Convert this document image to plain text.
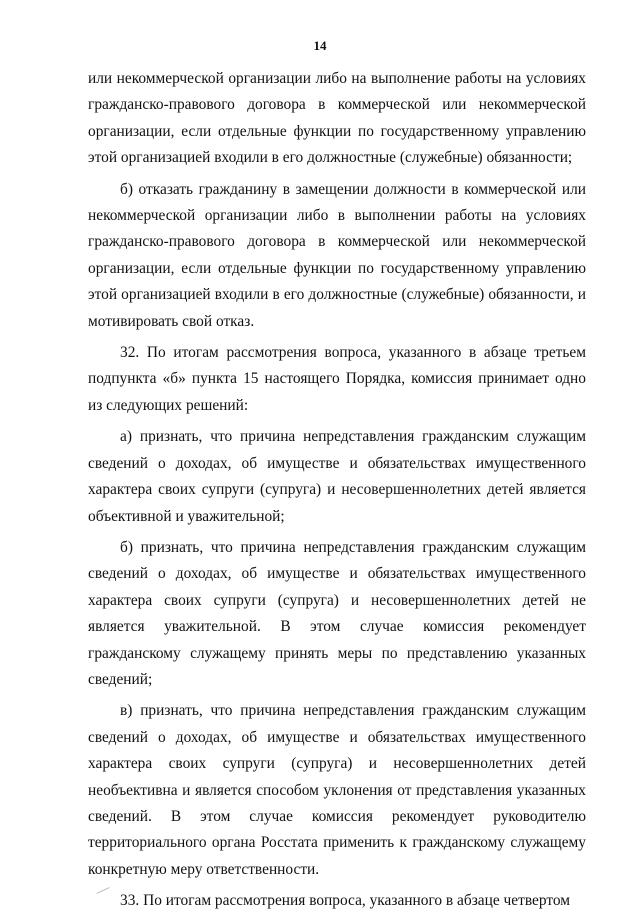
14

или некоммерческой организации либо на выполнение работы на условиях гражданско-правового договора в коммерческой или некоммерческой организации, если отдельные функции по государственному управлению этой организацией входили в его должностные (служебные) обязанности;

б) отказать гражданину в замещении должности в коммерческой или некоммерческой организации либо в выполнении работы на условиях гражданско-правового договора в коммерческой или некоммерческой организации, если отдельные функции по государственному управлению этой организацией входили в его должностные (служебные) обязанности, и мотивировать свой отказ.

32. По итогам рассмотрения вопроса, указанного в абзаце третьем подпункта «б» пункта 15 настоящего Порядка, комиссия принимает одно из следующих решений:

а) признать, что причина непредставления гражданским служащим сведений о доходах, об имуществе и обязательствах имущественного характера своих супруги (супруга) и несовершеннолетних детей является объективной и уважительной;

б) признать, что причина непредставления гражданским служащим сведений о доходах, об имуществе и обязательствах имущественного характера своих супруги (супруга) и несовершеннолетних детей не является уважительной. В этом случае комиссия рекомендует гражданскому служащему принять меры по представлению указанных сведений;

в) признать, что причина непредставления гражданским служащим сведений о доходах, об имуществе и обязательствах имущественного характера своих супруги (супруга) и несовершеннолетних детей необъективна и является способом уклонения от представления указанных сведений. В этом случае комиссия рекомендует руководителю территориального органа Росстата применить к гражданскому служащему конкретную меру ответственности.

33. По итогам рассмотрения вопроса, указанного в абзаце четвертом
